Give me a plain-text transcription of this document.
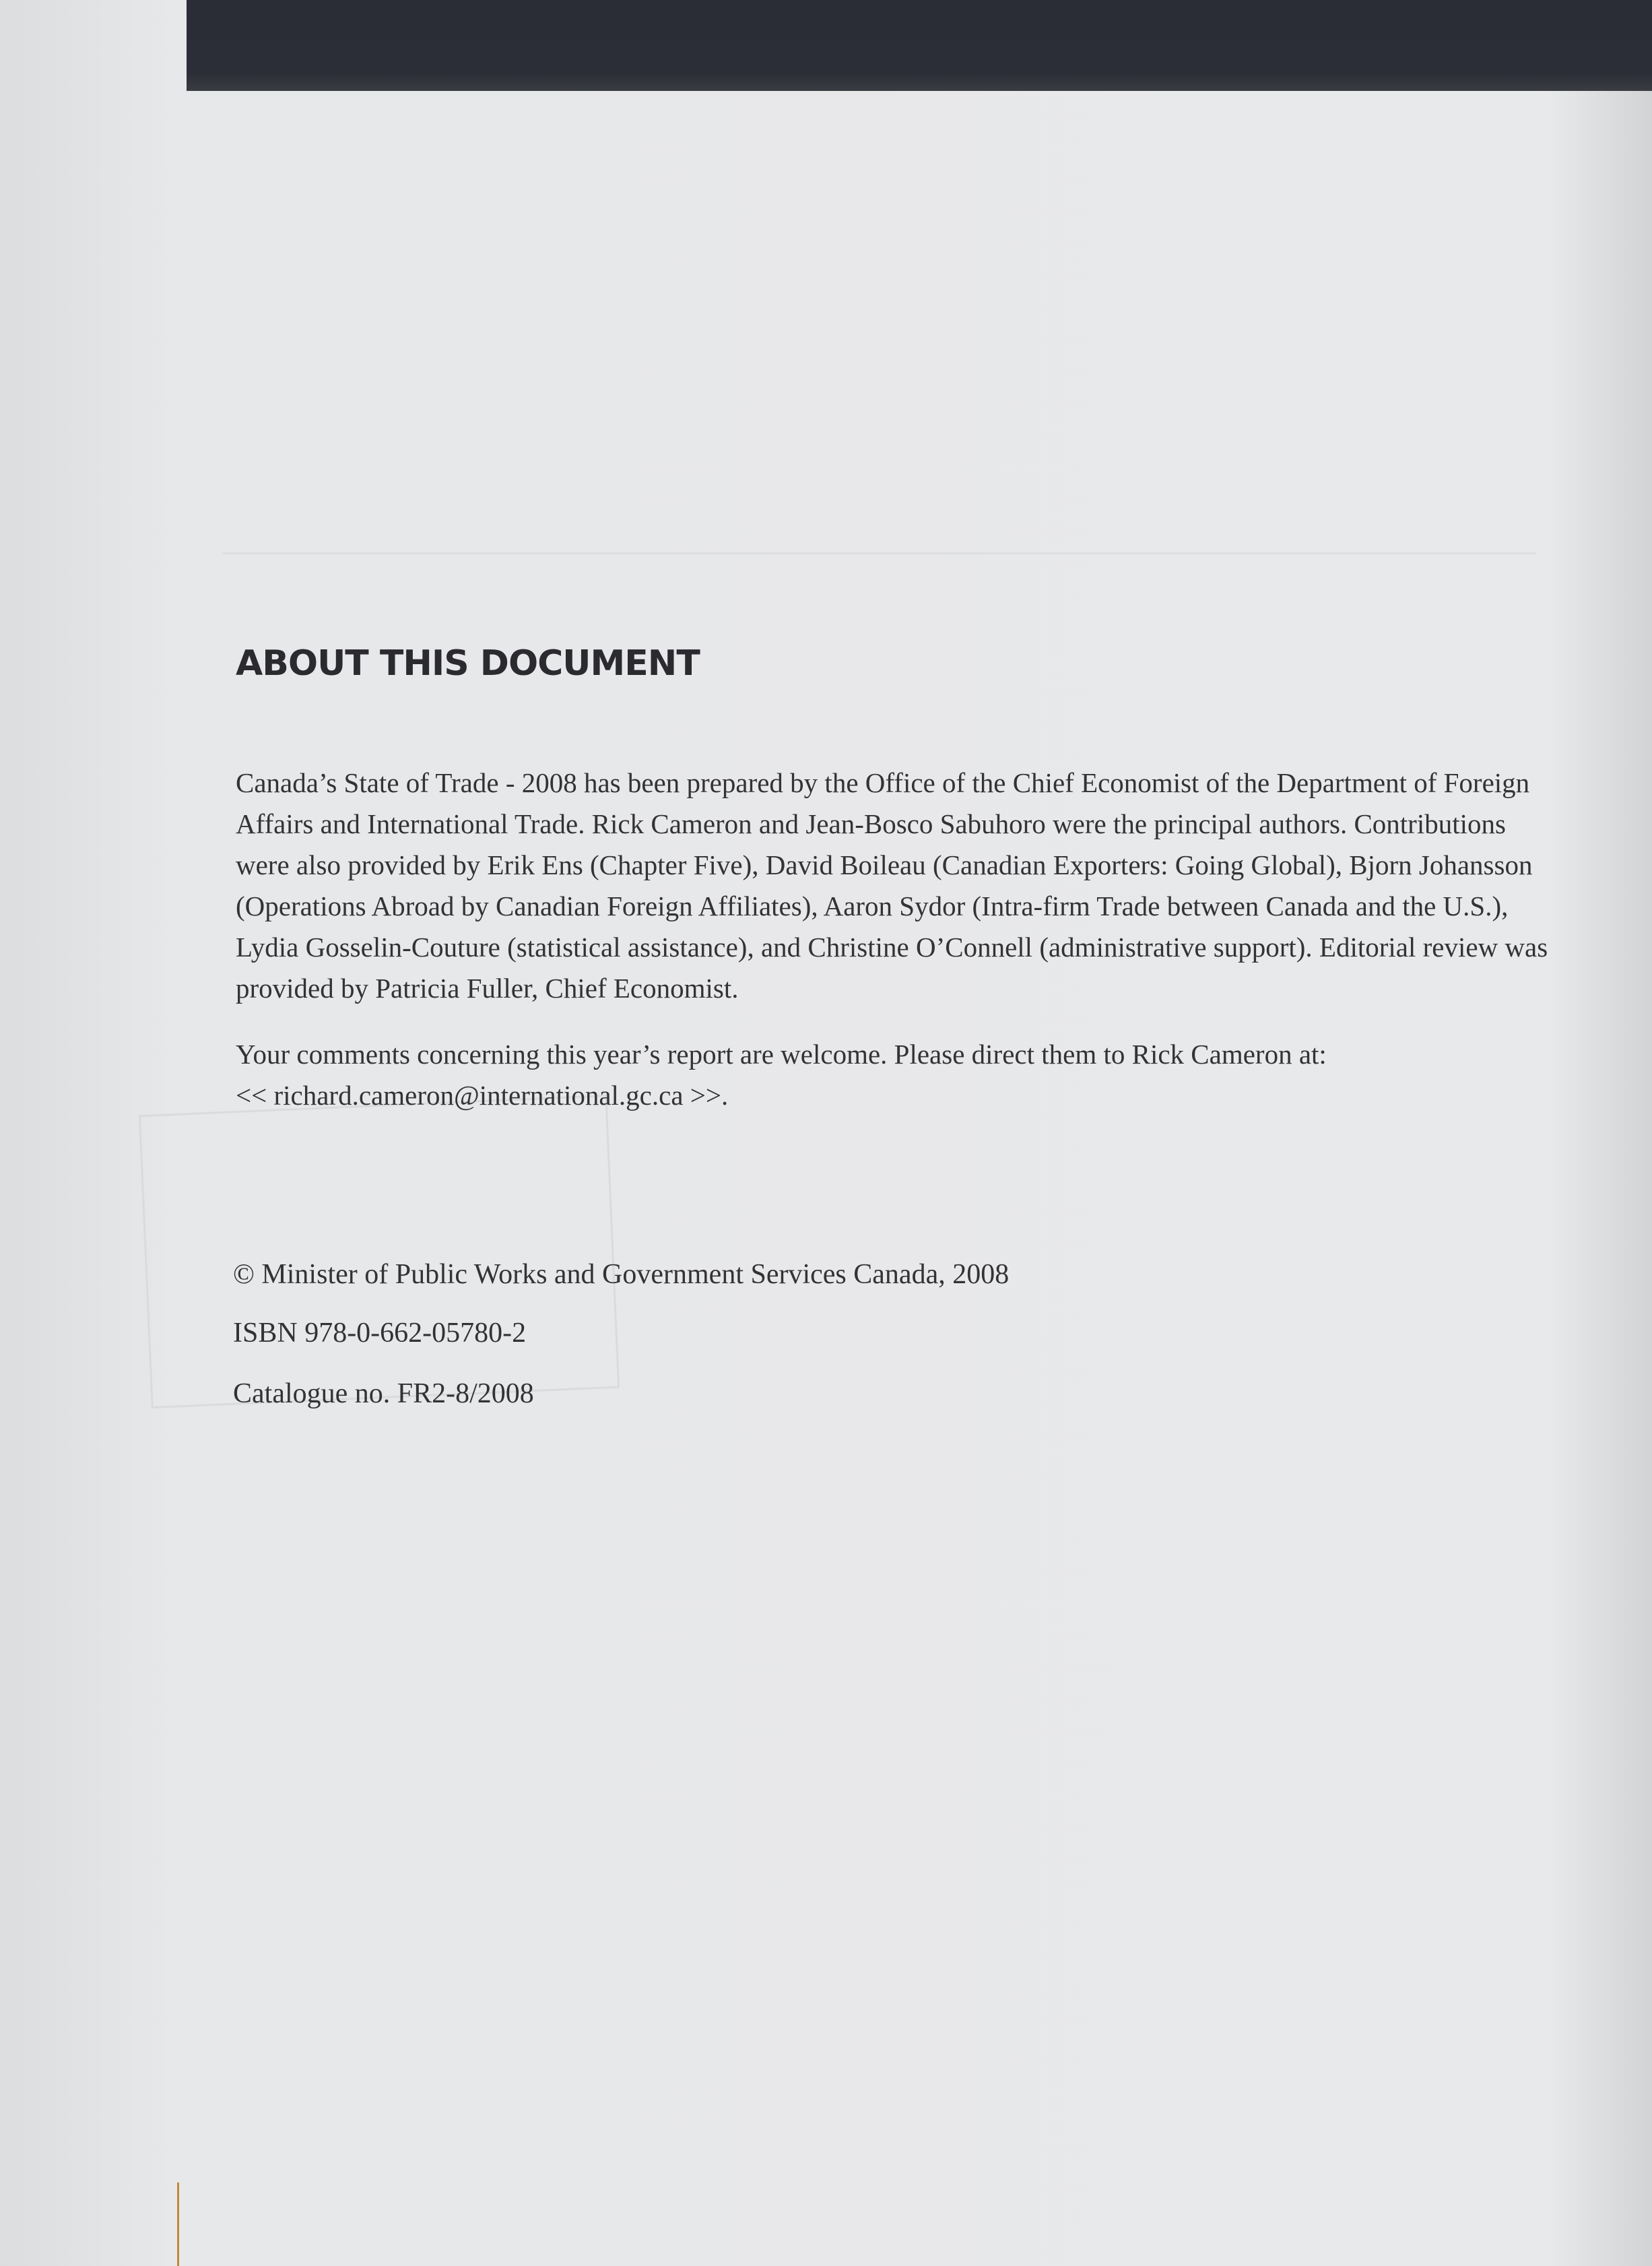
ABOUT THIS DOCUMENT

Canada’s State of Trade - 2008 has been prepared by the Office of the Chief Economist of the Department of Foreign Affairs and International Trade. Rick Cameron and Jean-Bosco Sabuhoro were the principal authors. Contributions were also provided by Erik Ens (Chapter Five), David Boileau (Canadian Exporters: Going Global), Bjorn Johansson (Operations Abroad by Canadian Foreign Affiliates), Aaron Sydor (Intra-firm Trade between Canada and the U.S.), Lydia Gosselin-Couture (statistical assistance), and Christine O’Connell (administrative support). Editorial review was provided by Patricia Fuller, Chief Economist.

Your comments concerning this year’s report are welcome. Please direct them to Rick Cameron at:
<< richard.cameron@international.gc.ca >>.

© Minister of Public Works and Government Services Canada, 2008

ISBN 978-0-662-05780-2

Catalogue no. FR2-8/2008
